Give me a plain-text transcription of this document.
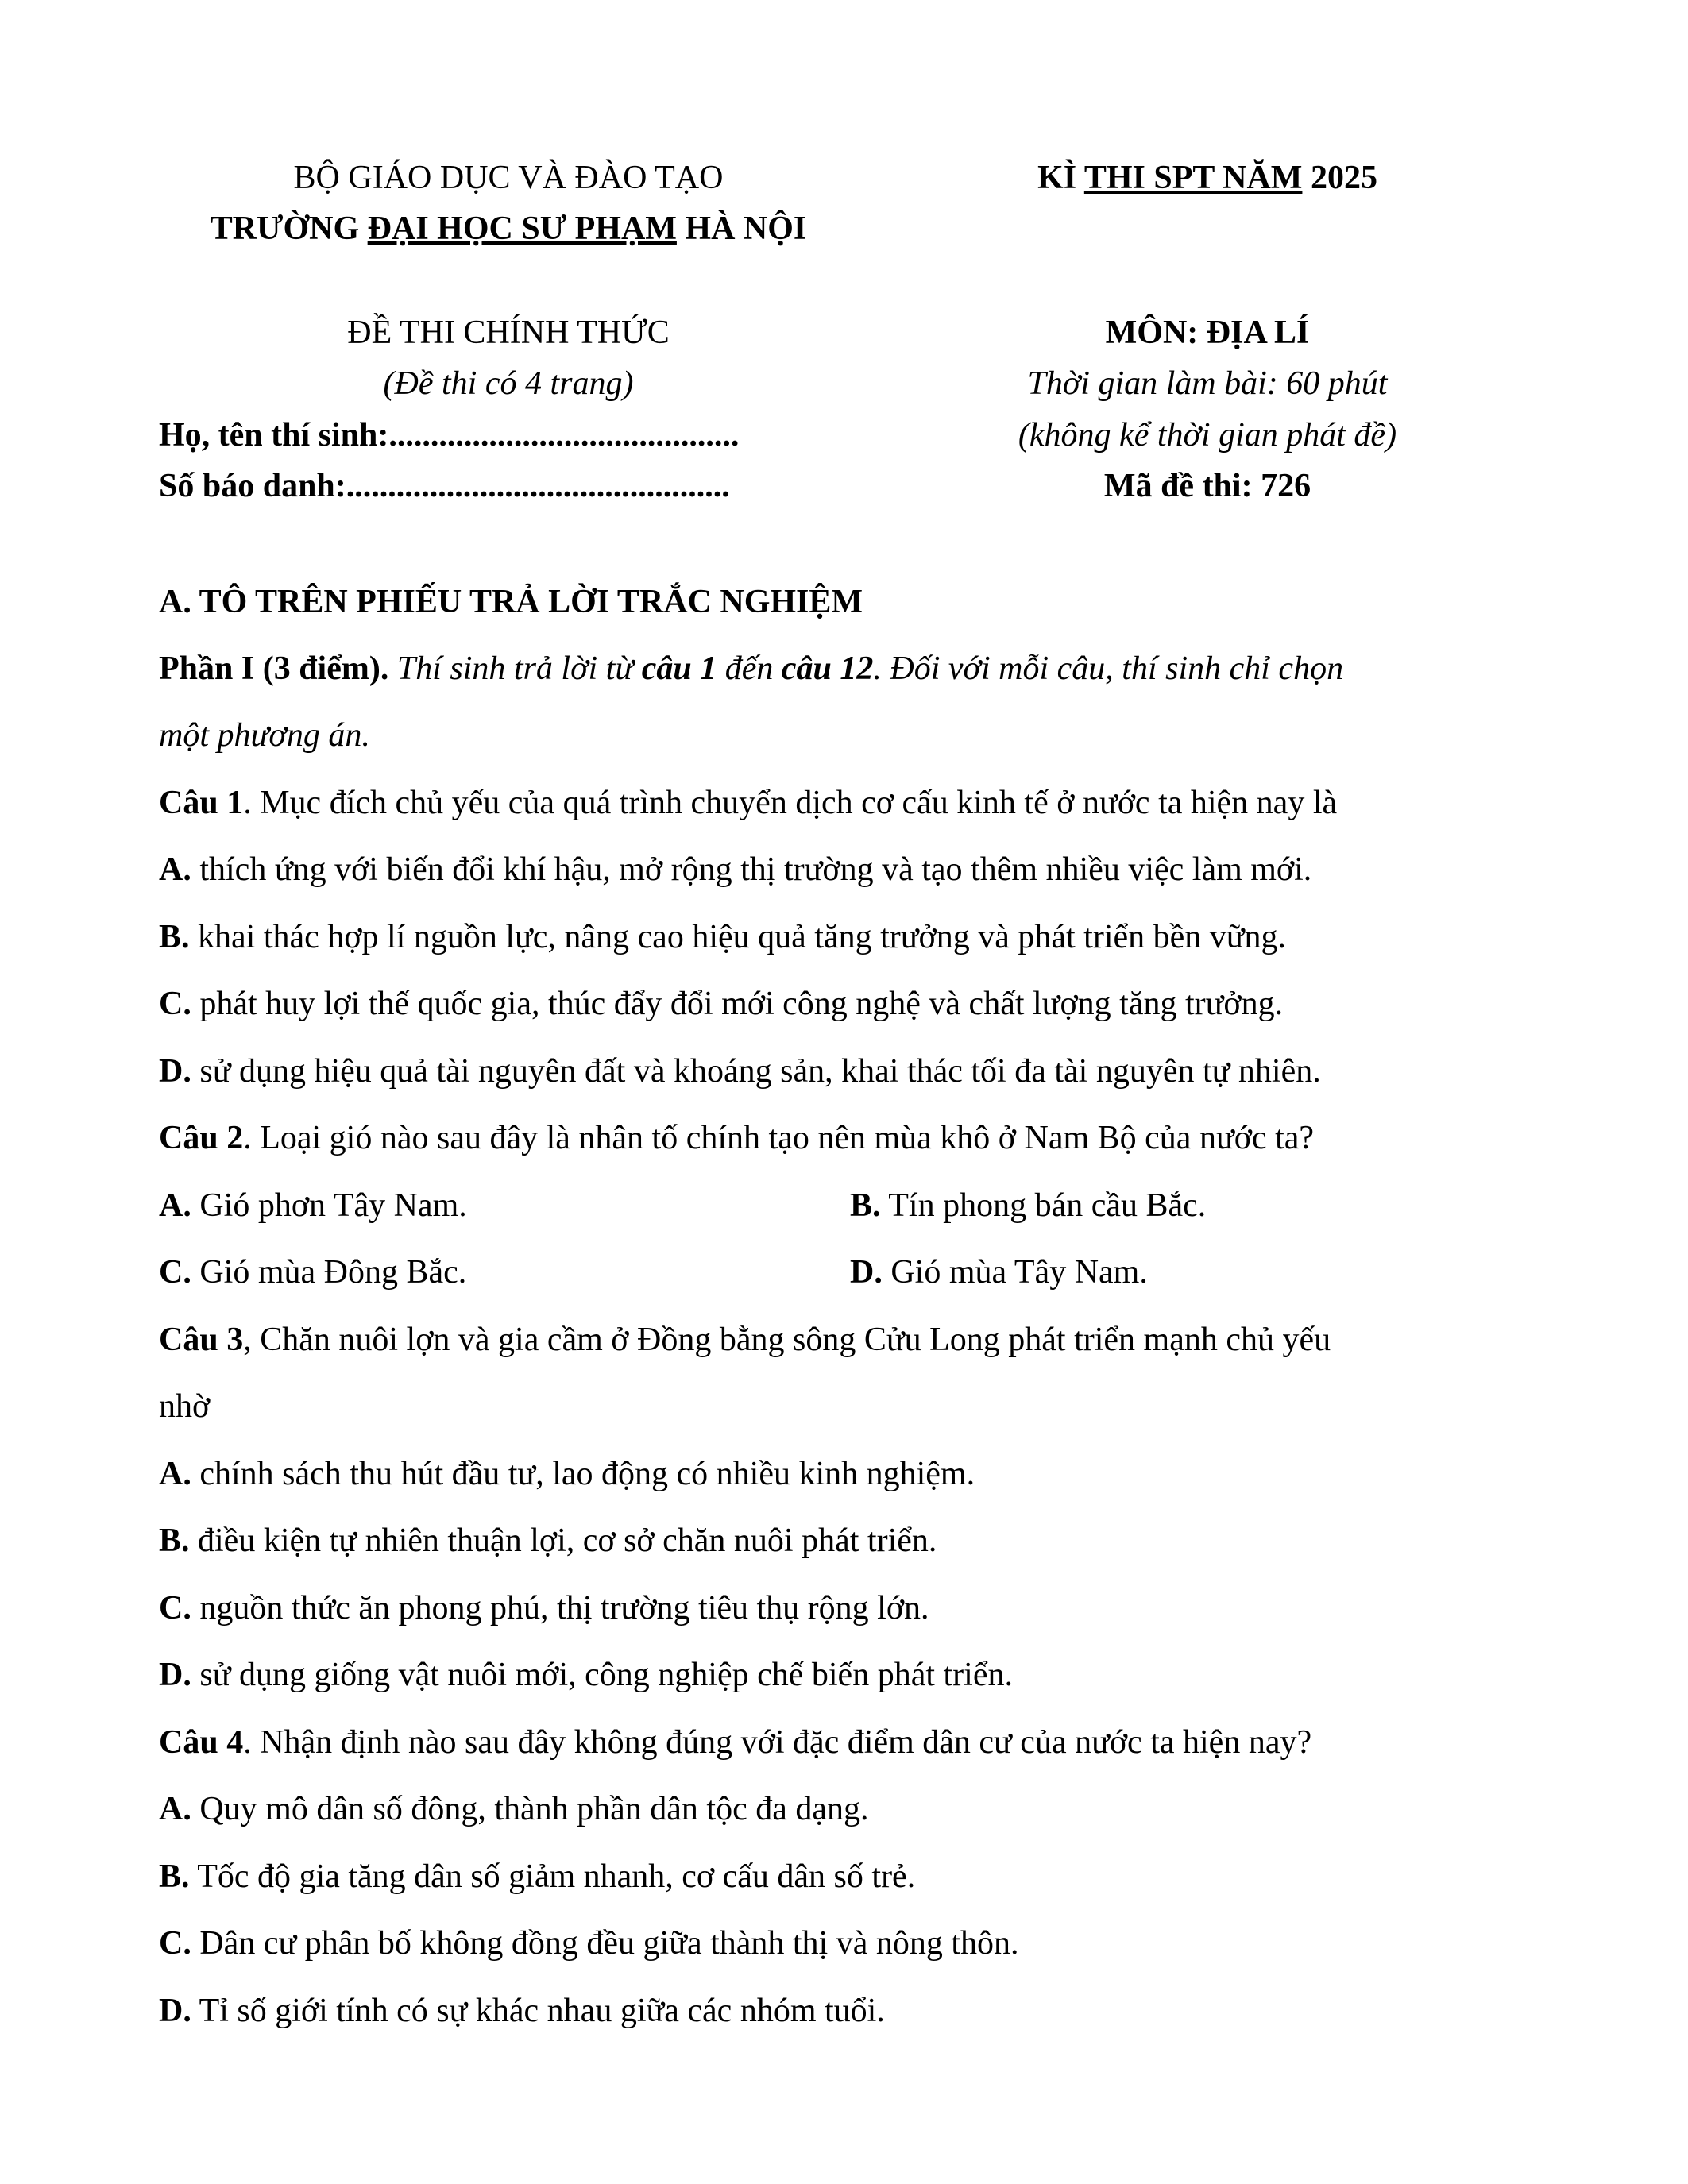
BỘ GIÁO DỤC VÀ ĐÀO TẠO
TRƯỜNG ĐẠI HỌC SƯ PHẠM HÀ NỘI
KÌ THI SPT NĂM 2025
ĐỀ THI CHÍNH THỨC
(Đề thi có 4 trang)
Họ, tên thí sinh:..........................................
Số báo danh:..............................................
MÔN: ĐỊA LÍ
Thời gian làm bài: 60 phút
(không kể thời gian phát đề)
Mã đề thi: 726
A. TÔ TRÊN PHIẾU TRẢ LỜI TRẮC NGHIỆM
Phần I (3 điểm). Thí sinh trả lời từ câu 1 đến câu 12. Đối với mỗi câu, thí sinh chỉ chọn
một phương án.
Câu 1. Mục đích chủ yếu của quá trình chuyển dịch cơ cấu kinh tế ở nước ta hiện nay là
A. thích ứng với biến đổi khí hậu, mở rộng thị trường và tạo thêm nhiều việc làm mới.
B. khai thác hợp lí nguồn lực, nâng cao hiệu quả tăng trưởng và phát triển bền vững.
C. phát huy lợi thế quốc gia, thúc đẩy đổi mới công nghệ và chất lượng tăng trưởng.
D. sử dụng hiệu quả tài nguyên đất và khoáng sản, khai thác tối đa tài nguyên tự nhiên.
Câu 2. Loại gió nào sau đây là nhân tố chính tạo nên mùa khô ở Nam Bộ của nước ta?
A. Gió phơn Tây Nam.	B. Tín phong bán cầu Bắc.
C. Gió mùa Đông Bắc.	D. Gió mùa Tây Nam.
Câu 3, Chăn nuôi lợn và gia cầm ở Đồng bằng sông Cửu Long phát triển mạnh chủ yếu
nhờ
A. chính sách thu hút đầu tư, lao động có nhiều kinh nghiệm.
B. điều kiện tự nhiên thuận lợi, cơ sở chăn nuôi phát triển.
C. nguồn thức ăn phong phú, thị trường tiêu thụ rộng lớn.
D. sử dụng giống vật nuôi mới, công nghiệp chế biến phát triển.
Câu 4. Nhận định nào sau đây không đúng với đặc điểm dân cư của nước ta hiện nay?
A. Quy mô dân số đông, thành phần dân tộc đa dạng.
B. Tốc độ gia tăng dân số giảm nhanh, cơ cấu dân số trẻ.
C. Dân cư phân bố không đồng đều giữa thành thị và nông thôn.
D. Tỉ số giới tính có sự khác nhau giữa các nhóm tuổi.
